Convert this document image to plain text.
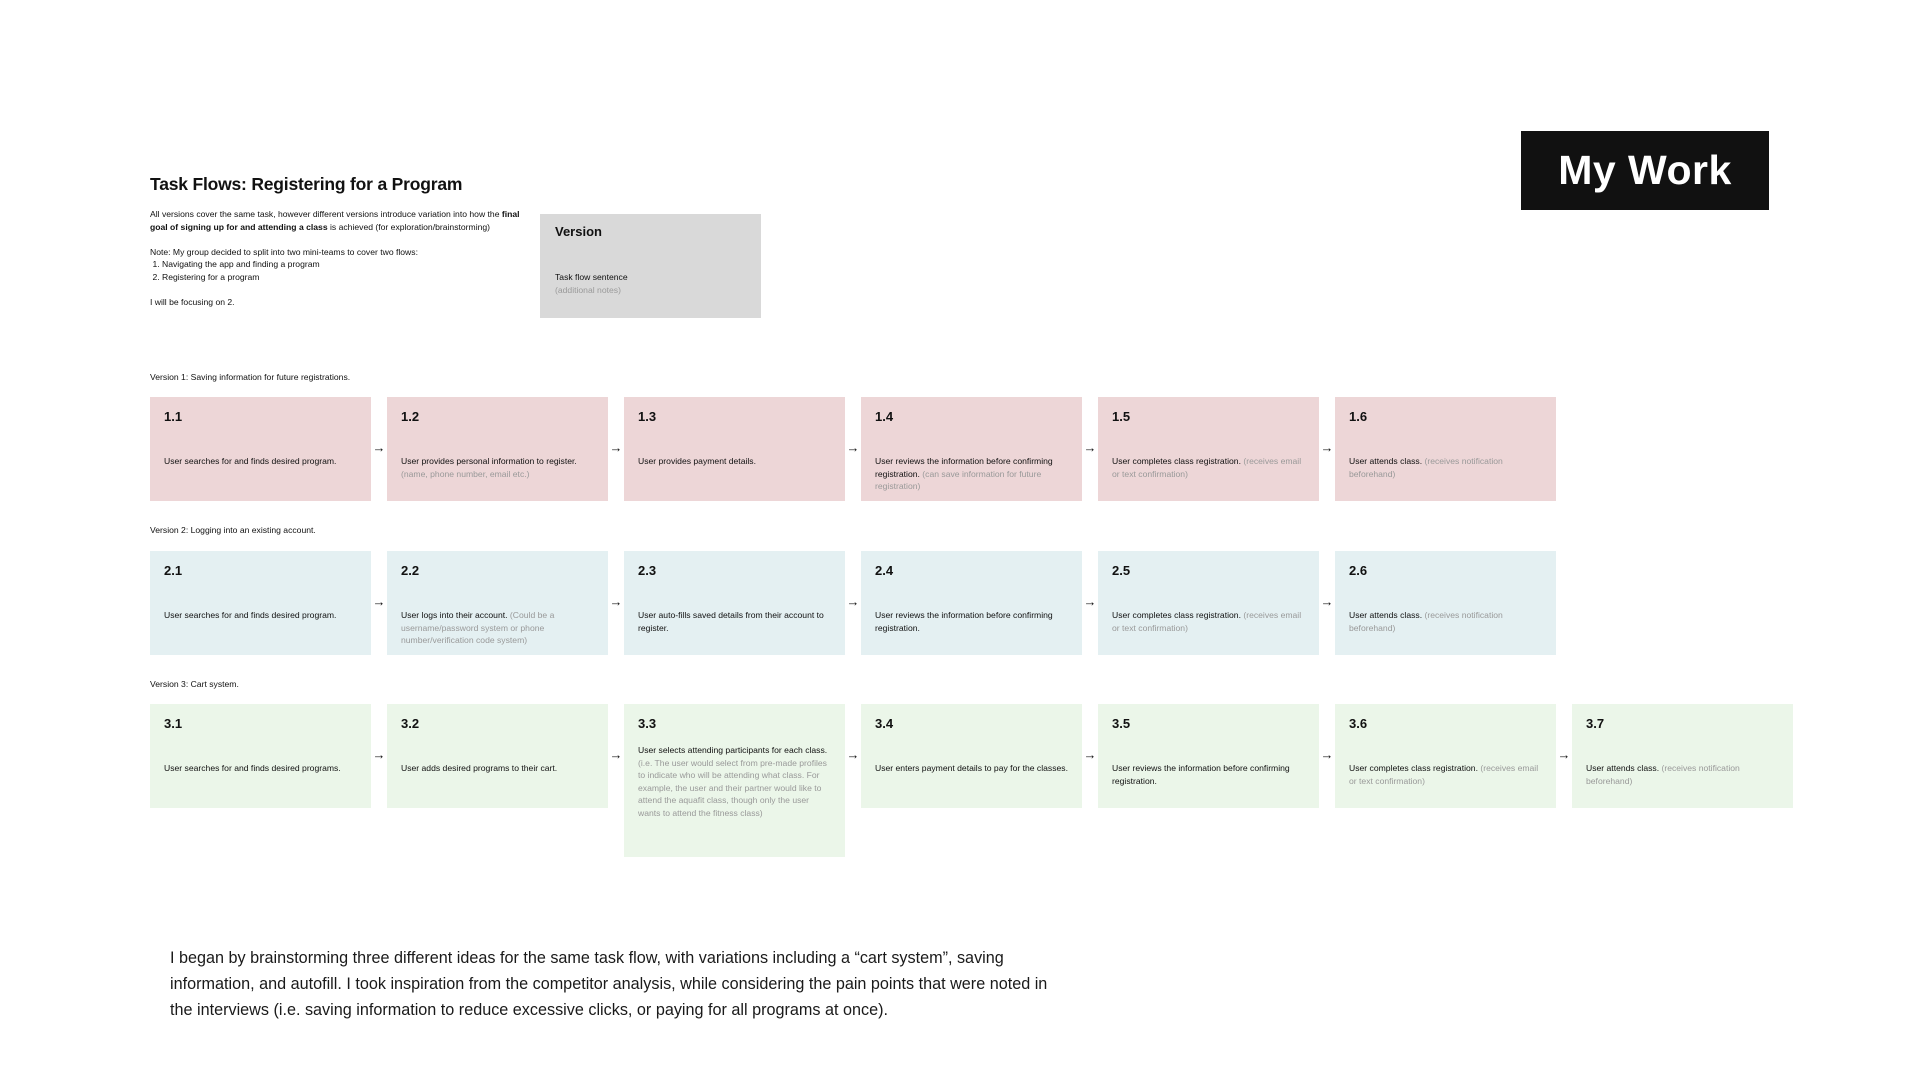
My Work
Task Flows: Registering for a Program

All versions cover the same task, however different versions introduce variation into how the final goal of signing up for and attending a class is achieved (for exploration/brainstorming)

Note: My group decided to split into two mini-teams to cover two flows:

1. Navigating the app and finding a program
2. Registering for a program

I will be focusing on 2.

Version
Task flow sentence
(additional notes)
Version 1: Saving information for future registrations.
1.1
User searches for and finds desired program.
→
1.2
User provides personal information to register. (name, phone number, email etc.)
→
1.3
User provides payment details.
→
1.4
User reviews the information before confirming registration. (can save information for future registration)
→
1.5
User completes class registration. (receives email or text confirmation)
→
1.6
User attends class. (receives notification beforehand)
Version 2: Logging into an existing account.
2.1
User searches for and finds desired program.
→
2.2
User logs into their account. (Could be a username/password system or phone number/verification code system)
→
2.3
User auto-fills saved details from their account to register.
→
2.4
User reviews the information before confirming registration.
→
2.5
User completes class registration. (receives email or text confirmation)
→
2.6
User attends class. (receives notification beforehand)
Version 3: Cart system.
3.1
User searches for and finds desired programs.
→
3.2
User adds desired programs to their cart.
→
3.3
User selects attending participants for each class. (i.e. The user would select from pre-made profiles to indicate who will be attending what class. For example, the user and their partner would like to attend the aquafit class, though only the user wants to attend the fitness class)
→
3.4
User enters payment details to pay for the classes.
→
3.5
User reviews the information before confirming registration.
→
3.6
User completes class registration. (receives email or text confirmation)
→
3.7
User attends class. (receives notification beforehand)
I began by brainstorming three different ideas for the same task flow, with variations including a “cart system”, saving information, and autofill. I took inspiration from the competitor analysis, while considering the pain points that were noted in the interviews (i.e. saving information to reduce excessive clicks, or paying for all programs at once).
